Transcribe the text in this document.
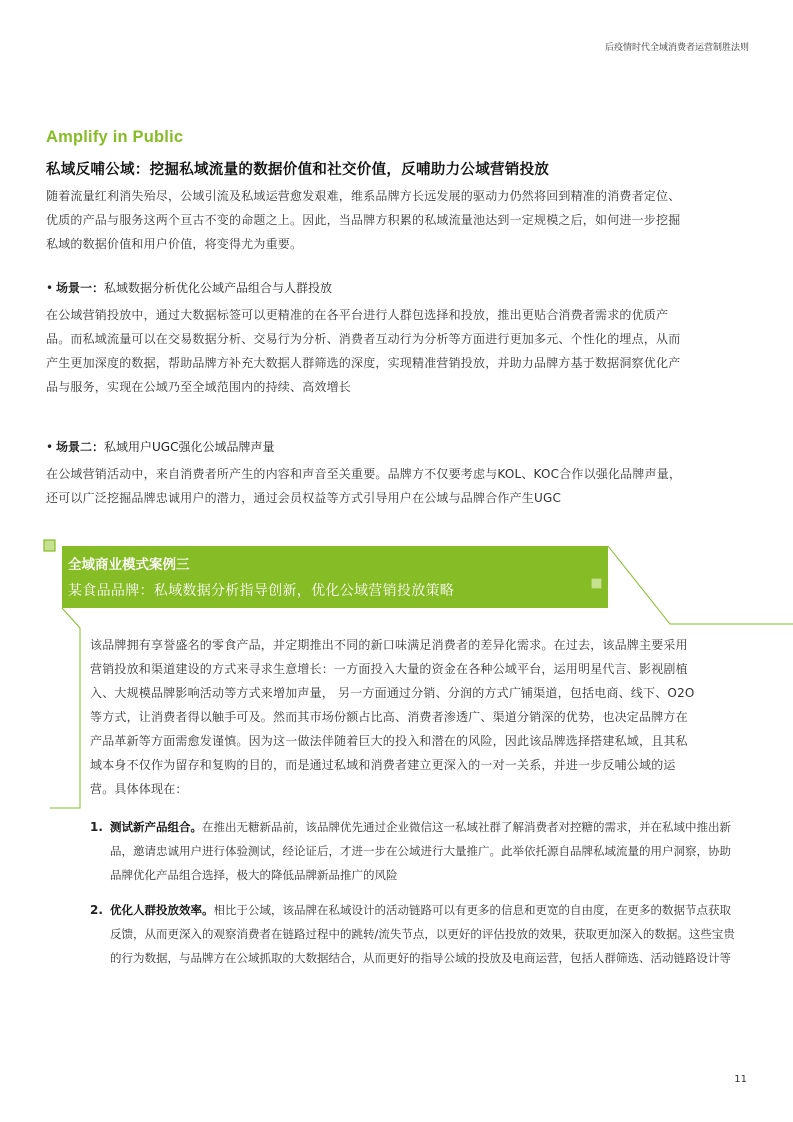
后疫情时代全域消费者运营制胜法则
Amplify in Public
私域反哺公域：挖掘私域流量的数据价值和社交价值，反哺助力公域营销投放
随着流量红利消失殆尽，公域引流及私域运营愈发艰难，维系品牌方长远发展的驱动力仍然将回到精准的消费者定位、
优质的产品与服务这两个亘古不变的命题之上。因此，当品牌方积累的私域流量池达到一定规模之后，如何进一步挖掘
私域的数据价值和用户价值，将变得尤为重要。
• 场景一：私域数据分析优化公域产品组合与人群投放
在公域营销投放中，通过大数据标签可以更精准的在各平台进行人群包选择和投放，推出更贴合消费者需求的优质产
品。而私域流量可以在交易数据分析、交易行为分析、消费者互动行为分析等方面进行更加多元、个性化的埋点，从而
产生更加深度的数据，帮助品牌方补充大数据人群筛选的深度，实现精准营销投放，并助力品牌方基于数据洞察优化产
品与服务，实现在公域乃至全域范围内的持续、高效增长
• 场景二：私域用户UGC强化公域品牌声量
在公域营销活动中，来自消费者所产生的内容和声音至关重要。品牌方不仅要考虑与KOL、KOC合作以强化品牌声量，
还可以广泛挖掘品牌忠诚用户的潜力，通过会员权益等方式引导用户在公域与品牌合作产生UGC
全域商业模式案例三
某食品品牌：私域数据分析指导创新，优化公域营销投放策略
该品牌拥有享誉盛名的零食产品，并定期推出不同的新口味满足消费者的差异化需求。在过去，该品牌主要采用
营销投放和渠道建设的方式来寻求生意增长：一方面投入大量的资金在各种公域平台，运用明星代言、影视剧植
入、大规模品牌影响活动等方式来增加声量， 另一方面通过分销、分润的方式广铺渠道，包括电商、线下、O2O
等方式，让消费者得以触手可及。然而其市场份额占比高、消费者渗透广、渠道分销深的优势，也决定品牌方在
产品革新等方面需愈发谨慎。因为这一做法伴随着巨大的投入和潜在的风险，因此该品牌选择搭建私域，且其私
域本身不仅作为留存和复购的目的，而是通过私域和消费者建立更深入的一对一关系，并进一步反哺公域的运
营。具体体现在：
1. 测试新产品组合。在推出无糖新品前，该品牌优先通过企业微信这一私域社群了解消费者对控糖的需求，并在私域中推出新品，邀请忠诚用户进行体验测试，经论证后，才进一步在公域进行大量推广。此举依托源自品牌私域流量的用户洞察，协助品牌优化产品组合选择，极大的降低品牌新品推广的风险

2. 优化人群投放效率。相比于公域，该品牌在私域设计的活动链路可以有更多的信息和更宽的自由度，在更多的数据节点获取反馈，从而更深入的观察消费者在链路过程中的跳转/流失节点，以更好的评估投放的效果，获取更加深入的数据。这些宝贵的行为数据，与品牌方在公域抓取的大数据结合，从而更好的指导公域的投放及电商运营，包括人群筛选、活动链路设计等

11
